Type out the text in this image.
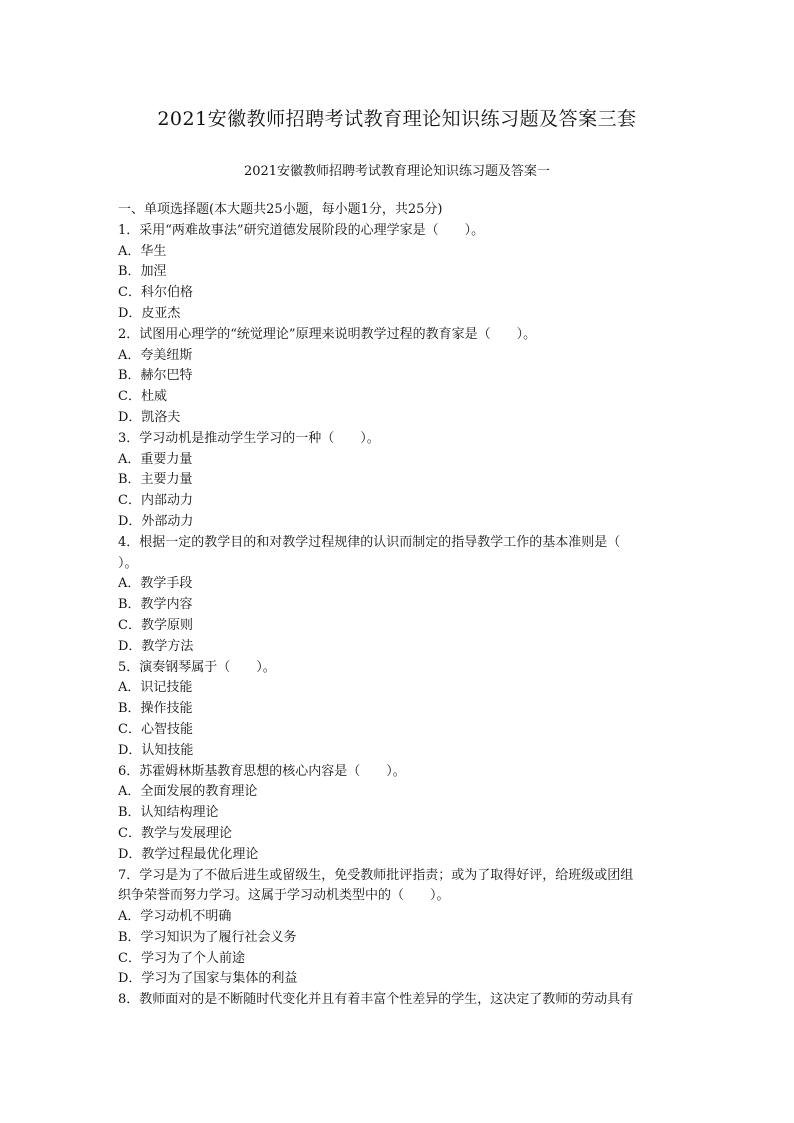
2021安徽教师招聘考试教育理论知识练习题及答案三套
2021安徽教师招聘考试教育理论知识练习题及答案一
一、单项选择题(本大题共25小题，每小题1分，共25分)
1．采用“两难故事法”研究道德发展阶段的心理学家是（　　）。
A．华生
B．加涅
C．科尔伯格
D．皮亚杰
2．试图用心理学的“统觉理论”原理来说明教学过程的教育家是（　　）。
A．夸美纽斯
B．赫尔巴特
C．杜威
D．凯洛夫
3．学习动机是推动学生学习的一种（　　）。
A．重要力量
B．主要力量
C．内部动力
D．外部动力
4．根据一定的教学目的和对教学过程规律的认识而制定的指导教学工作的基本准则是（
）。
A．教学手段
B．教学内容
C．教学原则
D．教学方法
5．演奏钢琴属于（　　）。
A．识记技能
B．操作技能
C．心智技能
D．认知技能
6．苏霍姆林斯基教育思想的核心内容是（　　）。
A．全面发展的教育理论
B．认知结构理论
C．教学与发展理论
D．教学过程最优化理论
7．学习是为了不做后进生或留级生，免受教师批评指责；或为了取得好评，给班级或团组
织争荣誉而努力学习。这属于学习动机类型中的（　　）。
A．学习动机不明确
B．学习知识为了履行社会义务
C．学习为了个人前途
D．学习为了国家与集体的利益
8．教师面对的是不断随时代变化并且有着丰富个性差异的学生，这决定了教师的劳动具有
